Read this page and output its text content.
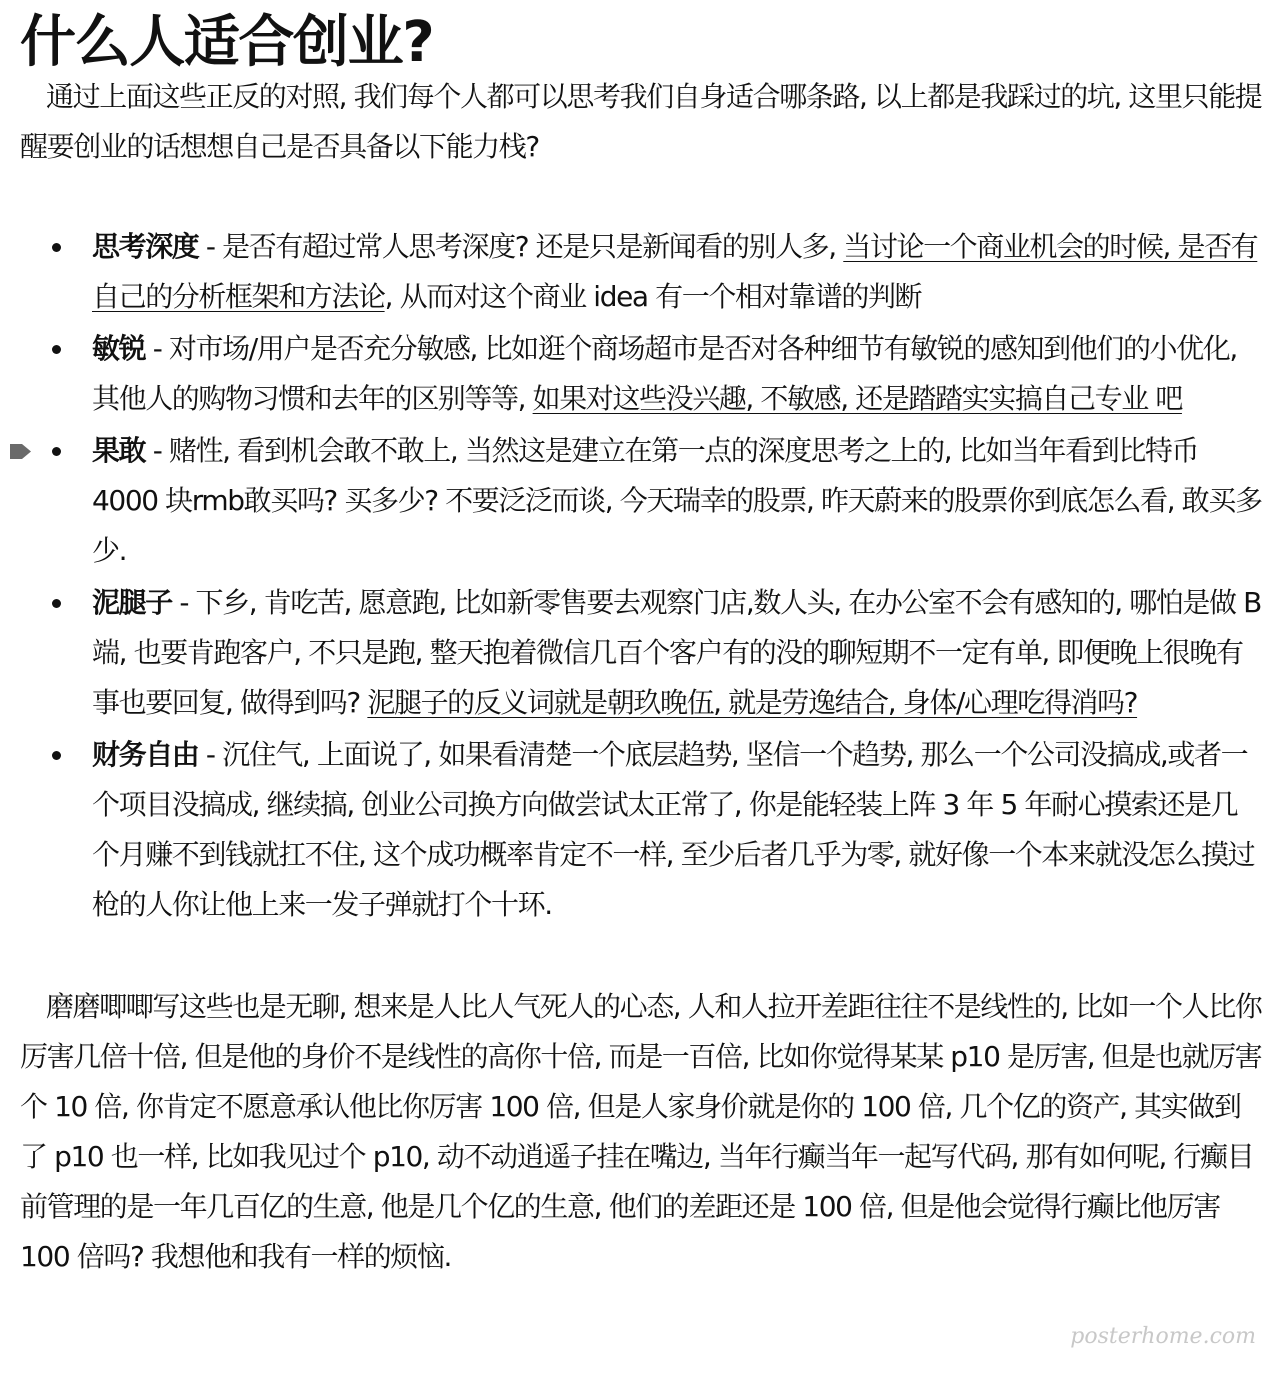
什么人适合创业?

通过上面这些正反的对照, 我们每个人都可以思考我们自身适合哪条路, 以上都是我踩过的坑, 这里只能提醒要创业的话想想自己是否具备以下能力栈?

思考深度 - 是否有超过常人思考深度? 还是只是新闻看的别人多, 当讨论一个商业机会的时候, 是否有自己的分析框架和方法论, 从而对这个商业 idea 有一个相对靠谱的判断
敏锐 - 对市场/用户是否充分敏感, 比如逛个商场超市是否对各种细节有敏锐的感知到他们的小优化, 其他人的购物习惯和去年的区别等等, 如果对这些没兴趣, 不敏感, 还是踏踏实实搞自己专业 吧
果敢 - 赌性, 看到机会敢不敢上, 当然这是建立在第一点的深度思考之上的, 比如当年看到比特币4000 块rmb敢买吗? 买多少? 不要泛泛而谈, 今天瑞幸的股票, 昨天蔚来的股票你到底怎么看, 敢买多少.
泥腿子 - 下乡, 肯吃苦, 愿意跑, 比如新零售要去观察门店,数人头, 在办公室不会有感知的, 哪怕是做 B 端, 也要肯跑客户, 不只是跑, 整天抱着微信几百个客户有的没的聊短期不一定有单, 即便晚上很晚有事也要回复, 做得到吗? 泥腿子的反义词就是朝玖晚伍, 就是劳逸结合, 身体/心理吃得消吗?
财务自由 - 沉住气, 上面说了, 如果看清楚一个底层趋势, 坚信一个趋势, 那么一个公司没搞成,或者一个项目没搞成, 继续搞, 创业公司换方向做尝试太正常了, 你是能轻装上阵 3 年 5 年耐心摸索还是几个月赚不到钱就扛不住, 这个成功概率肯定不一样, 至少后者几乎为零, 就好像一个本来就没怎么摸过枪的人你让他上来一发子弹就打个十环.

磨磨唧唧写这些也是无聊, 想来是人比人气死人的心态, 人和人拉开差距往往不是线性的, 比如一个人比你厉害几倍十倍, 但是他的身价不是线性的高你十倍, 而是一百倍, 比如你觉得某某 p10 是厉害, 但是也就厉害个 10 倍, 你肯定不愿意承认他比你厉害 100 倍, 但是人家身价就是你的 100 倍, 几个亿的资产, 其实做到了 p10 也一样, 比如我见过个 p10, 动不动逍遥子挂在嘴边, 当年行癫当年一起写代码, 那有如何呢, 行癫目前管理的是一年几百亿的生意, 他是几个亿的生意, 他们的差距还是 100 倍, 但是他会觉得行癫比他厉害 100 倍吗? 我想他和我有一样的烦恼.

posterhome.com
